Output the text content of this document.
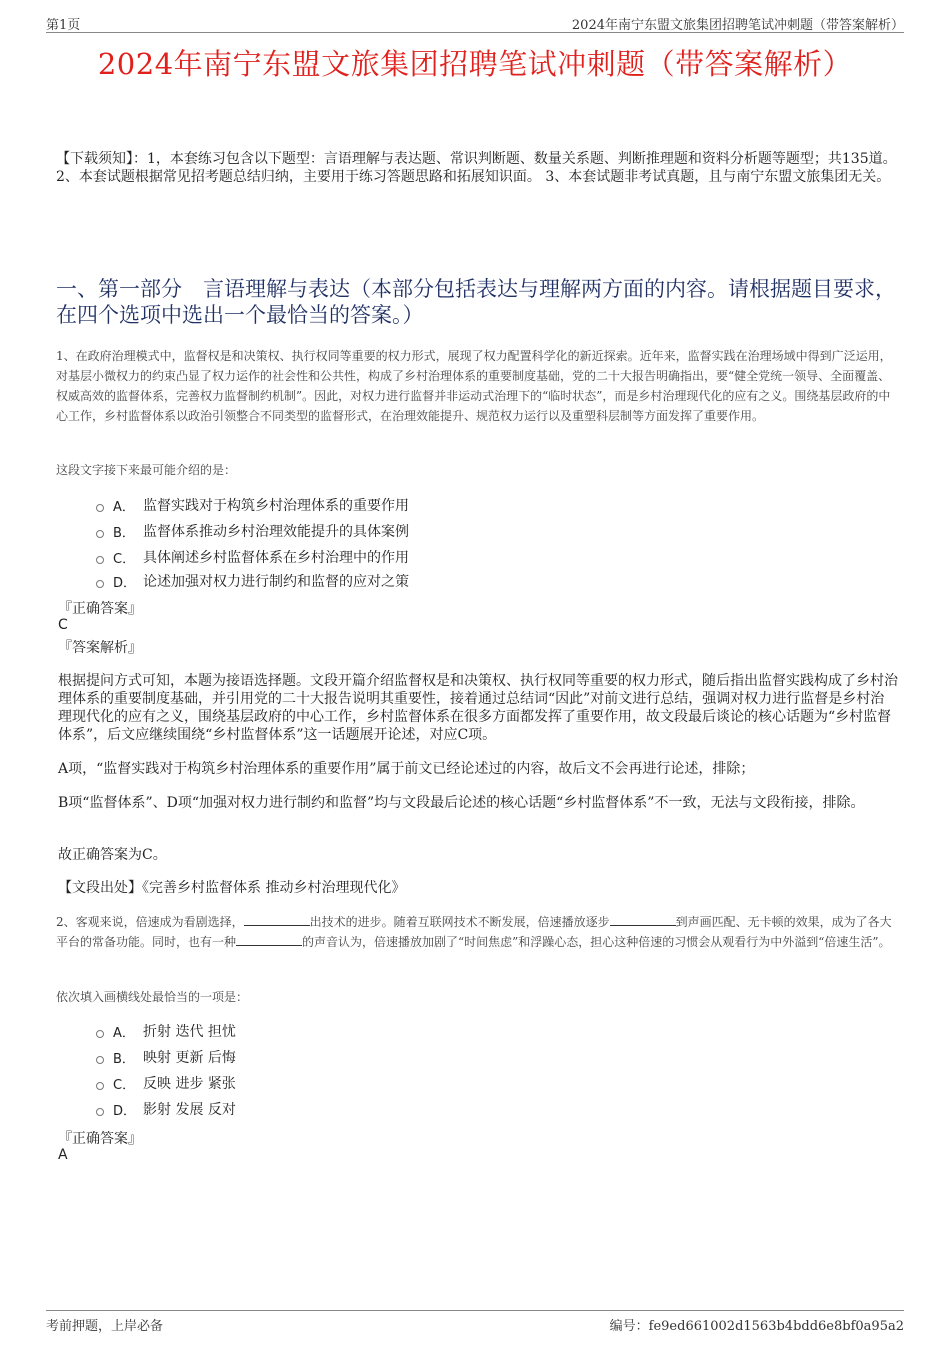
第1页	2024年南宁东盟文旅集团招聘笔试冲刺题（带答案解析）
2024年南宁东盟文旅集团招聘笔试冲刺题（带答案解析）
【下载须知】：1，本套练习包含以下题型：言语理解与表达题、常识判断题、数量关系题、判断推理题和资料分析题等题型；共135道。 2、本套试题根据常见招考题总结归纳，主要用于练习答题思路和拓展知识面。 3、本套试题非考试真题，且与南宁东盟文旅集团无关。
一、第一部分　言语理解与表达（本部分包括表达与理解两方面的内容。请根据题目要求，在四个选项中选出一个最恰当的答案。）
1、在政府治理模式中，监督权是和决策权、执行权同等重要的权力形式，展现了权力配置科学化的新近探索。近年来，监督实践在治理场域中得到广泛运用，对基层小微权力的约束凸显了权力运作的社会性和公共性，构成了乡村治理体系的重要制度基础，党的二十大报告明确指出，要“健全党统一领导、全面覆盖、权威高效的监督体系，完善权力监督制约机制”。因此，对权力进行监督并非运动式治理下的“临时状态”，而是乡村治理现代化的应有之义。围绕基层政府的中心工作，乡村监督体系以政治引领整合不同类型的监督形式，在治理效能提升、规范权力运行以及重塑科层制等方面发挥了重要作用。
这段文字接下来最可能介绍的是：
A． 监督实践对于构筑乡村治理体系的重要作用
B． 监督体系推动乡村治理效能提升的具体案例
C． 具体阐述乡村监督体系在乡村治理中的作用
D． 论述加强对权力进行制约和监督的应对之策
『正确答案』
C
『答案解析』
根据提问方式可知，本题为接语选择题。文段开篇介绍监督权是和决策权、执行权同等重要的权力形式，随后指出监督实践构成了乡村治理体系的重要制度基础，并引用党的二十大报告说明其重要性，接着通过总结词“因此”对前文进行总结，强调对权力进行监督是乡村治理现代化的应有之义，围绕基层政府的中心工作，乡村监督体系在很多方面都发挥了重要作用，故文段最后谈论的核心话题为“乡村监督体系”，后文应继续围绕“乡村监督体系”这一话题展开论述，对应C项。
A项，“监督实践对于构筑乡村治理体系的重要作用”属于前文已经论述过的内容，故后文不会再进行论述，排除；
B项“监督体系”、D项“加强对权力进行制约和监督”均与文段最后论述的核心话题“乡村监督体系”不一致，无法与文段衔接，排除。
故正确答案为C。
【文段出处】《完善乡村监督体系 推动乡村治理现代化》
2、客观来说，倍速成为看剧选择，	出技术的进步。随着互联网技术不断发展，倍速播放逐步	到声画匹配、无卡顿的效果，成为了各大平台的常备功能。同时，也有一种	的声音认为，倍速播放加剧了“时间焦虑”和浮躁心态，担心这种倍速的习惯会从观看行为中外溢到“倍速生活”。
依次填入画横线处最恰当的一项是：
A． 折射 迭代 担忧
B． 映射 更新 后悔
C． 反映 进步 紧张
D． 影射 发展 反对
『正确答案』
A
考前押题，上岸必备	编号：fe9ed661002d1563b4bdd6e8bf0a95a2
